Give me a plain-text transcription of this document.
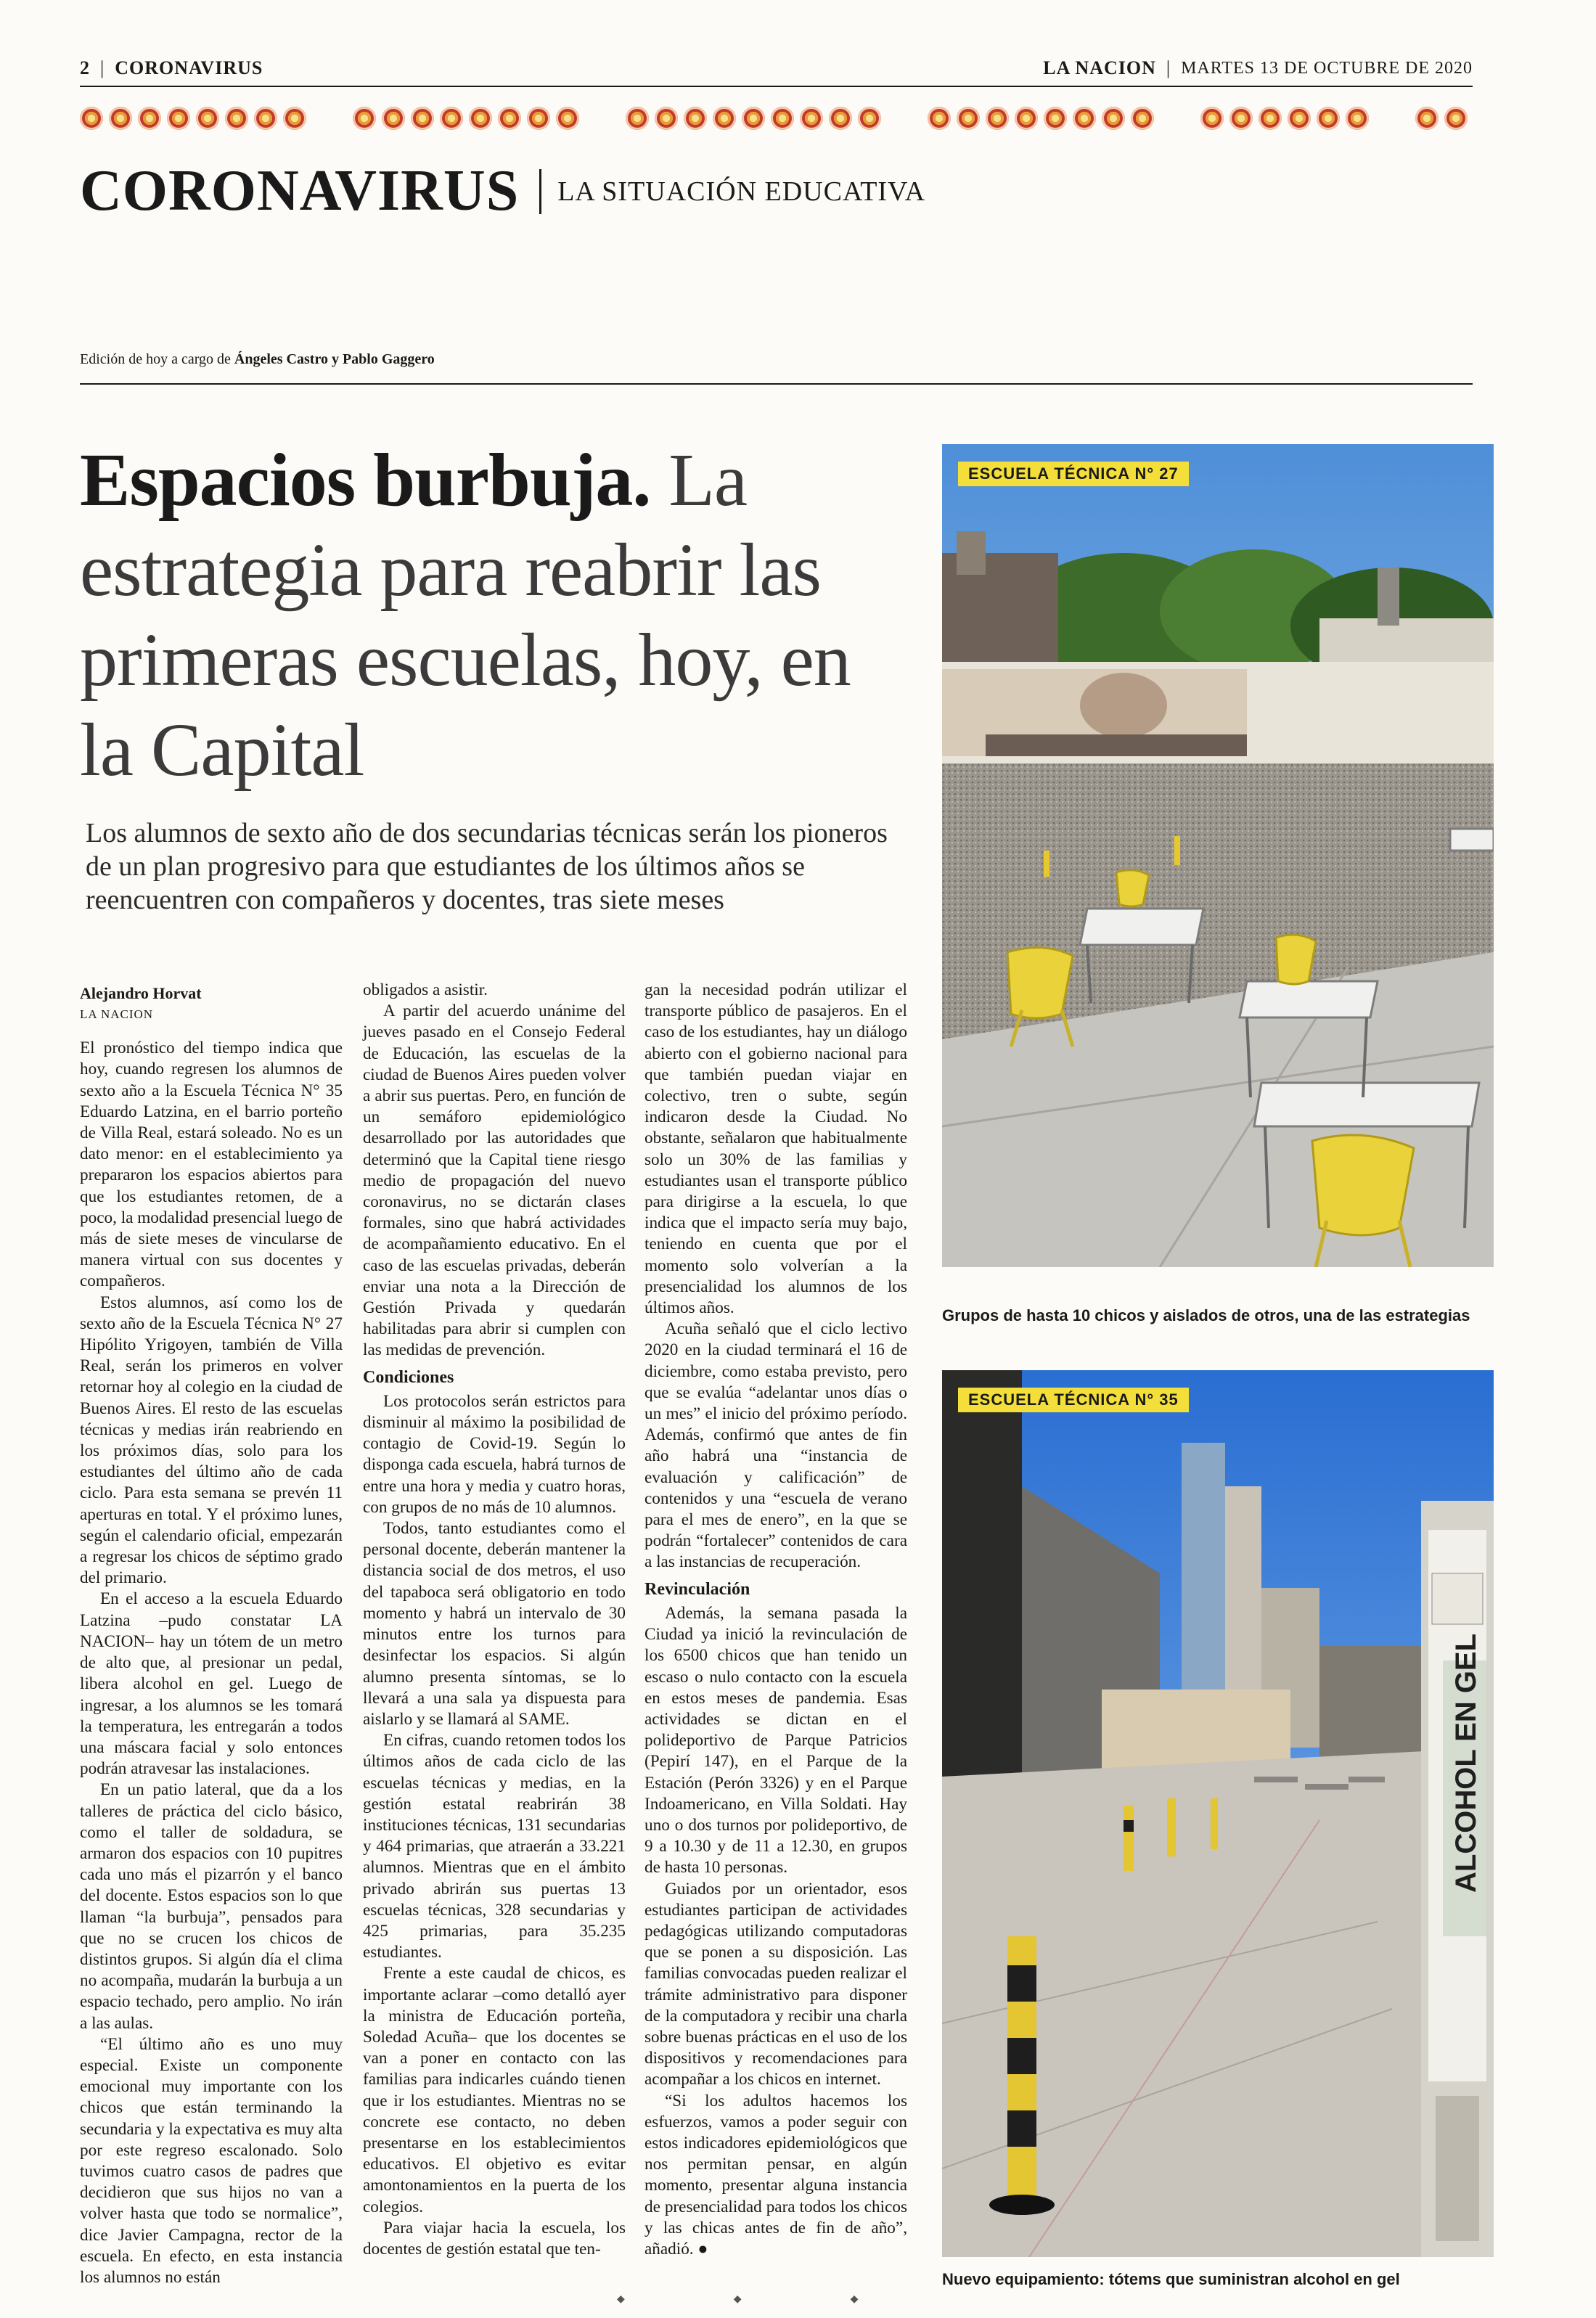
2 | CORONAVIRUS	LA NACION | MARTES 13 DE OCTUBRE DE 2020
CORONAVIRUS LA SITUACIÓN EDUCATIVA
Edición de hoy a cargo de Ángeles Castro y Pablo Gaggero
Espacios burbuja. La estrategia para reabrir las primeras escuelas, hoy, en la Capital
Los alumnos de sexto año de dos secundarias técnicas serán los pioneros de un plan progresivo para que estudiantes de los últimos años se reencuentren con compañeros y docentes, tras siete meses
Alejandro Horvat
LA NACION

El pronóstico del tiempo indica que hoy, cuando regresen los alumnos de sexto año a la Escuela Técnica N° 35 Eduardo Latzina, en el barrio porteño de Villa Real, estará soleado. No es un dato menor: en el establecimiento ya prepararon los espacios abiertos para que los estudiantes retomen, de a poco, la modalidad presencial luego de más de siete meses de vincularse de manera virtual con sus docentes y compañeros.

Estos alumnos, así como los de sexto año de la Escuela Técnica N° 27 Hipólito Yrigoyen, también de Villa Real, serán los primeros en volver retornar hoy al colegio en la ciudad de Buenos Aires. El resto de las escuelas técnicas y medias irán reabriendo en los próximos días, solo para los estudiantes del último año de cada ciclo. Para esta semana se prevén 11 aperturas en total. Y el próximo lunes, según el calendario oficial, empezarán a regresar los chicos de séptimo grado del primario.

En el acceso a la escuela Eduardo Latzina –pudo constatar LA NACION– hay un tótem de un metro de alto que, al presionar un pedal, libera alcohol en gel. Luego de ingresar, a los alumnos se les tomará la temperatura, les entregarán a todos una máscara facial y solo entonces podrán atravesar las instalaciones.

En un patio lateral, que da a los talleres de práctica del ciclo básico, como el taller de soldadura, se armaron dos espacios con 10 pupitres cada uno más el pizarrón y el banco del docente. Estos espacios son lo que llaman “la burbuja”, pensados para que no se crucen los chicos de distintos grupos. Si algún día el clima no acompaña, mudarán la burbuja a un espacio techado, pero amplio. No irán a las aulas.

“El último año es uno muy especial. Existe un componente emocional muy importante con los chicos que están terminando la secundaria y la expectativa es muy alta por este regreso escalonado. Solo tuvimos cuatro casos de padres que decidieron que sus hijos no van a volver hasta que todo se normalice”, dice Javier Campagna, rector de la escuela. En efecto, en esta instancia los alumnos no están

obligados a asistir.

A partir del acuerdo unánime del jueves pasado en el Consejo Federal de Educación, las escuelas de la ciudad de Buenos Aires pueden volver a abrir sus puertas. Pero, en función de un semáforo epidemiológico desarrollado por las autoridades que determinó que la Capital tiene riesgo medio de propagación del nuevo coronavirus, no se dictarán clases formales, sino que habrá actividades de acompañamiento educativo. En el caso de las escuelas privadas, deberán enviar una nota a la Dirección de Gestión Privada y quedarán habilitadas para abrir si cumplen con las medidas de prevención.

Condiciones

Los protocolos serán estrictos para disminuir al máximo la posibilidad de contagio de Covid-19. Según lo disponga cada escuela, habrá turnos de entre una hora y media y cuatro horas, con grupos de no más de 10 alumnos.

Todos, tanto estudiantes como el personal docente, deberán mantener la distancia social de dos metros, el uso del tapaboca será obligatorio en todo momento y habrá un intervalo de 30 minutos entre los turnos para desinfectar los espacios. Si algún alumno presenta síntomas, se lo llevará a una sala ya dispuesta para aislarlo y se llamará al SAME.

En cifras, cuando retomen todos los últimos años de cada ciclo de las escuelas técnicas y medias, en la gestión estatal reabrirán 38 instituciones técnicas, 131 secundarias y 464 primarias, que atraerán a 33.221 alumnos. Mientras que en el ámbito privado abrirán sus puertas 13 escuelas técnicas, 328 secundarias y 425 primarias, para 35.235 estudiantes.

Frente a este caudal de chicos, es importante aclarar –como detalló ayer la ministra de Educación porteña, Soledad Acuña– que los docentes se van a poner en contacto con las familias para indicarles cuándo tienen que ir los estudiantes. Mientras no se concrete ese contacto, no deben presentarse en los establecimientos educativos. El objetivo es evitar amontonamientos en la puerta de los colegios.

Para viajar hacia la escuela, los docentes de gestión estatal que ten-

gan la necesidad podrán utilizar el transporte público de pasajeros. En el caso de los estudiantes, hay un diálogo abierto con el gobierno nacional para que también puedan viajar en colectivo, tren o subte, según indicaron desde la Ciudad. No obstante, señalaron que habitualmente solo un 30% de las familias y estudiantes usan el transporte público para dirigirse a la escuela, lo que indica que el impacto sería muy bajo, teniendo en cuenta que por el momento solo volverían a la presencialidad los alumnos de los últimos años.

Acuña señaló que el ciclo lectivo 2020 en la ciudad terminará el 16 de diciembre, como estaba previsto, pero que se evalúa “adelantar unos días o un mes” el inicio del próximo período. Además, confirmó que antes de fin año habrá una “instancia de evaluación y calificación” de contenidos y una “escuela de verano para el mes de enero”, en la que se podrán “fortalecer” contenidos de cara a las instancias de recuperación.

Revinculación

Además, la semana pasada la Ciudad ya inició la revinculación de los 6500 chicos que han tenido un escaso o nulo contacto con la escuela en estos meses de pandemia. Esas actividades se dictan en el polideportivo de Parque Patricios (Pepirí 147), en el Parque de la Estación (Perón 3326) y en el Parque Indoamericano, en Villa Soldati. Hay uno o dos turnos por polideportivo, de 9 a 10.30 y de 11 a 12.30, en grupos de hasta 10 personas.

Guiados por un orientador, esos estudiantes participan de actividades pedagógicas utilizando computadoras que se ponen a su disposición. Las familias convocadas pueden realizar el trámite administrativo para disponer de la computadora y recibir una charla sobre buenas prácticas en el uso de los dispositivos y recomendaciones para acompañar a los chicos en internet.

“Si los adultos hacemos los esfuerzos, vamos a poder seguir con estos indicadores epidemiológicos que nos permitan pensar, en algún momento, presentar alguna instancia de presencialidad para todos los chicos y las chicas antes de fin de año”, añadió. ●

ESCUELA TÉCNICA N° 27
Grupos de hasta 10 chicos y aislados de otros, una de las estrategias
ESCUELA TÉCNICA N° 35
ALCOHOL EN GEL
Nuevo equipamiento: tótems que suministran alcohol en gel
◆	◆	◆
